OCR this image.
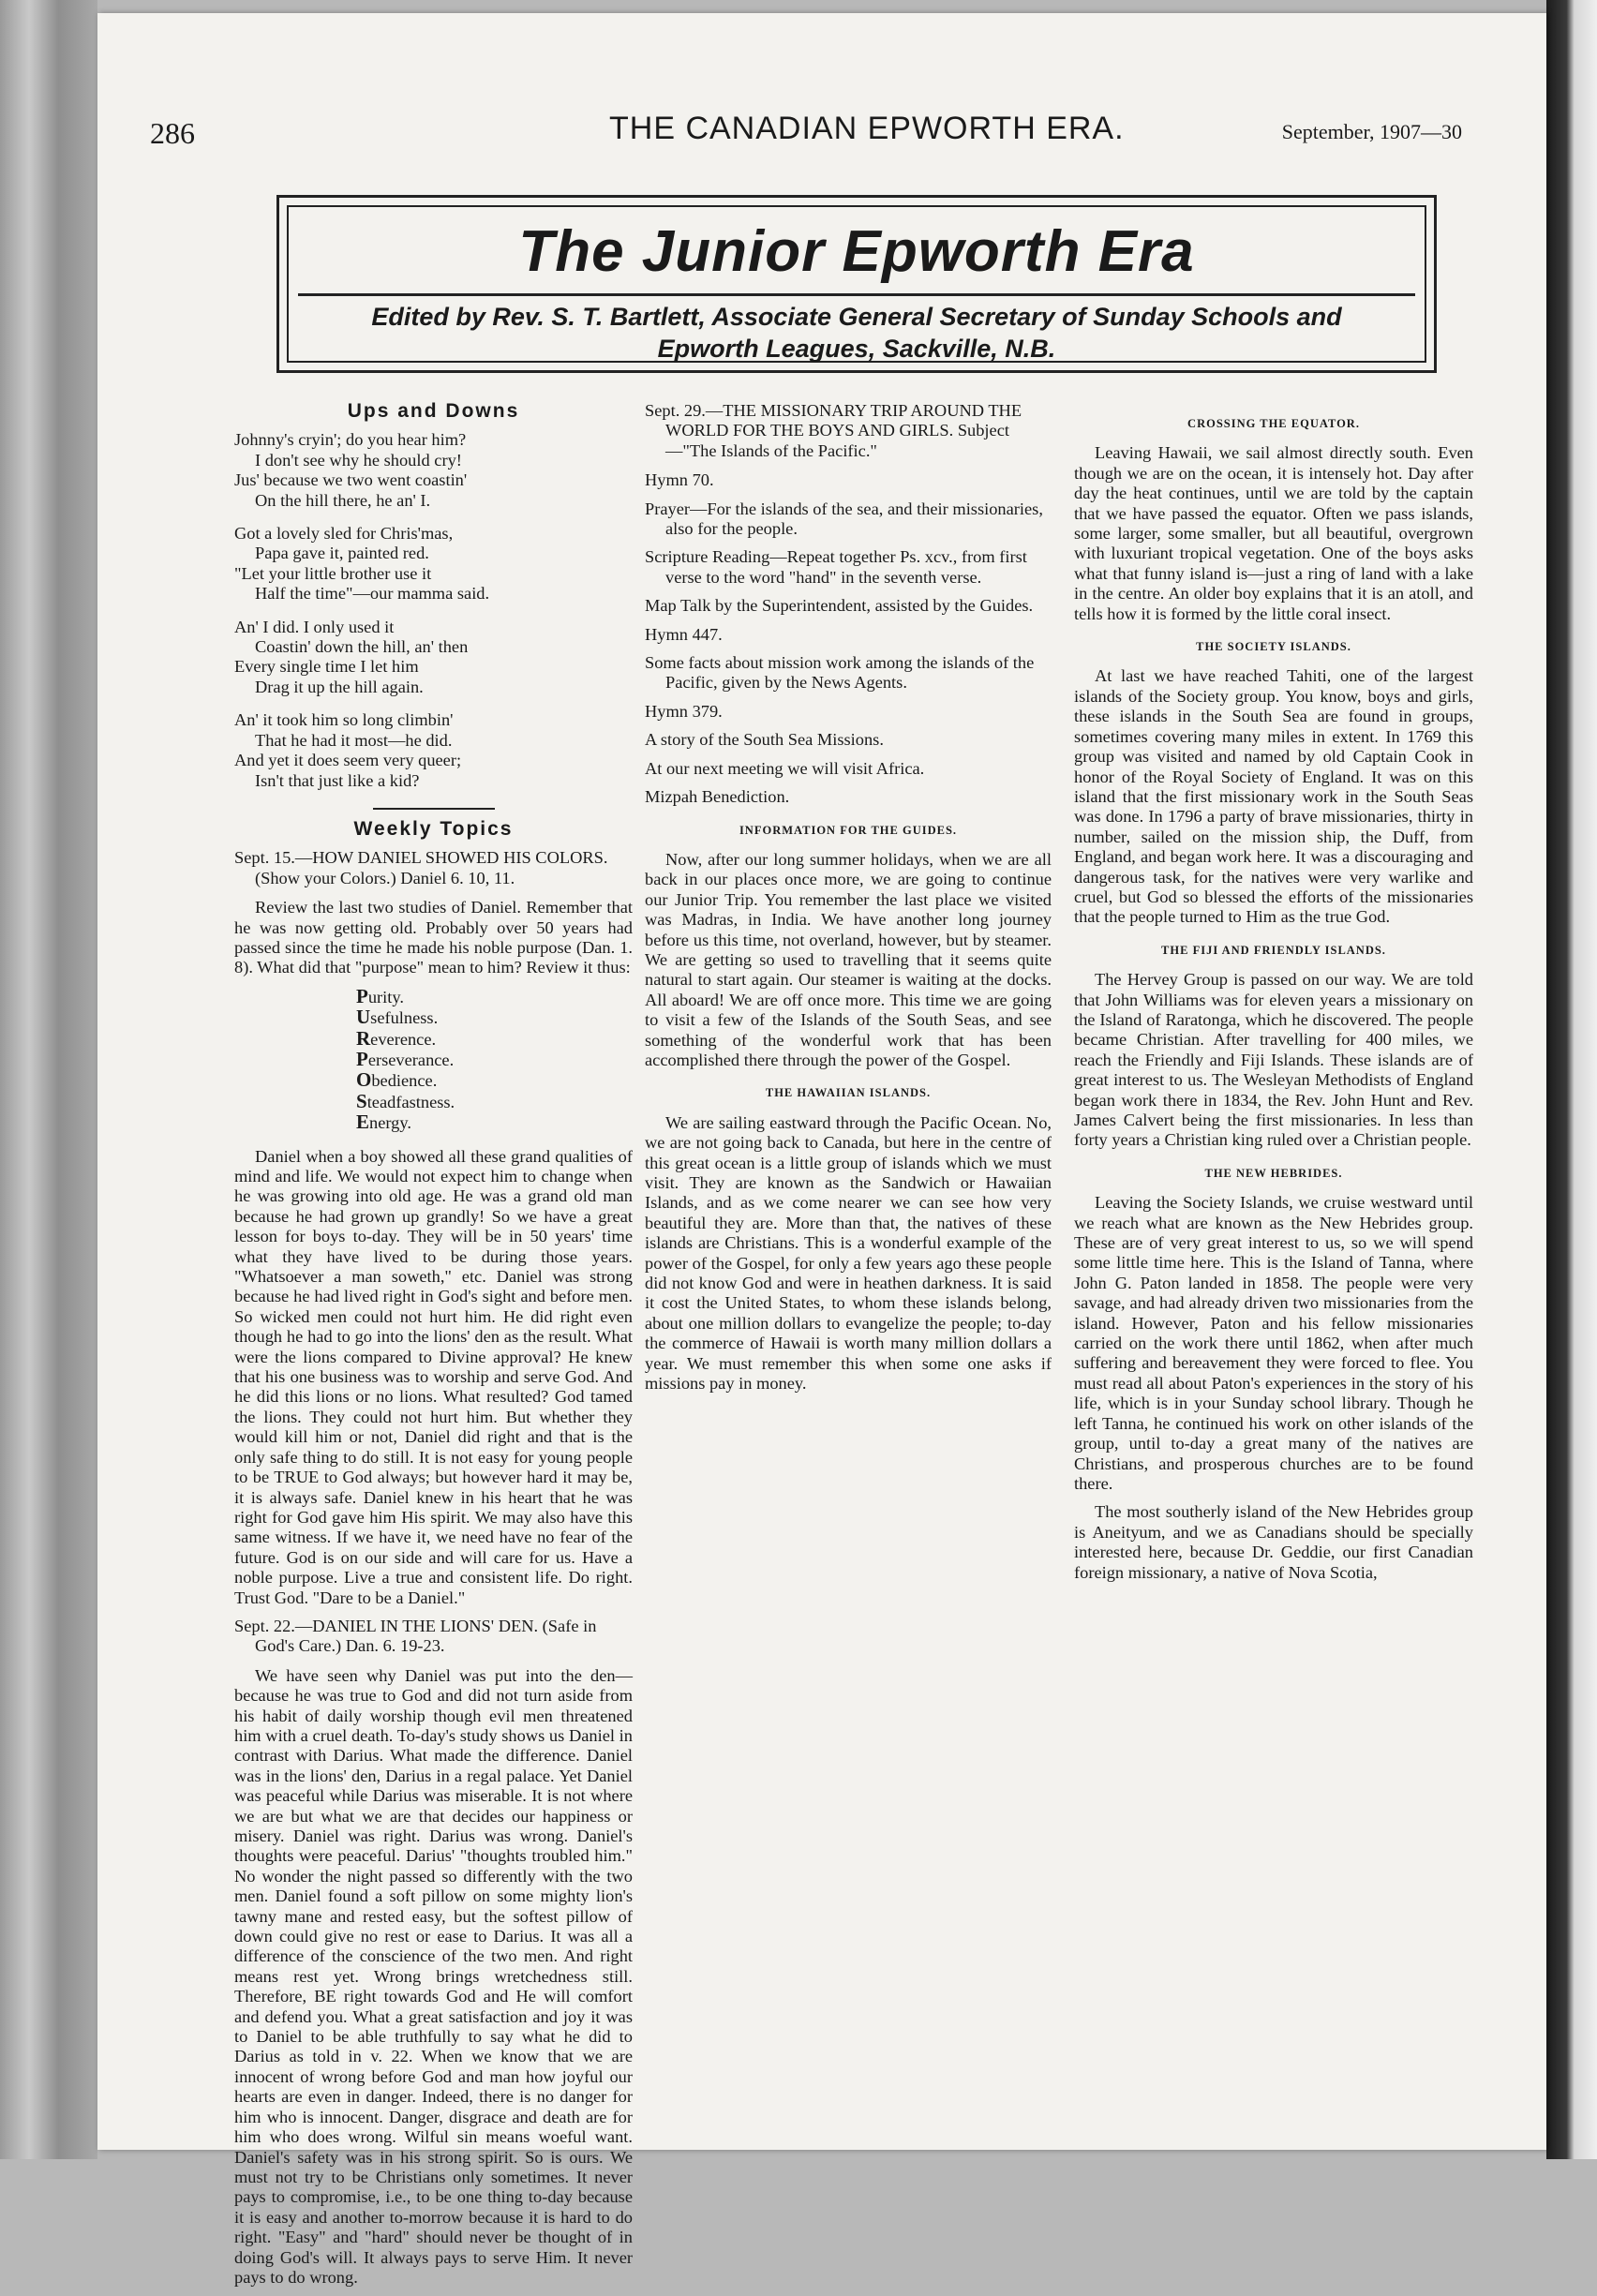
286	THE CANADIAN EPWORTH ERA.	September, 1907—30
The Junior Epworth Era
Edited by Rev. S. T. Bartlett, Associate General Secretary of Sunday Schools and
Epworth Leagues, Sackville, N.B.
Ups and Downs
Johnny's cryin'; do you hear him?
I don't see why he should cry!
Jus' because we two went coastin'
On the hill there, he an' I.
Got a lovely sled for Chris'mas,
Papa gave it, painted red.
"Let your little brother use it
Half the time"—our mamma said.
An' I did. I only used it
Coastin' down the hill, an' then
Every single time I let him
Drag it up the hill again.
An' it took him so long climbin'
That he had it most—he did.
And yet it does seem very queer;
Isn't that just like a kid?
Weekly Topics
Sept. 15.—HOW DANIEL SHOWED HIS COLORS. (Show your Colors.) Daniel 6. 10, 11.

Review the last two studies of Daniel. Remember that he was now getting old. Probably over 50 years had passed since the time he made his noble purpose (Dan. 1. 8). What did that "purpose" mean to him? Review it thus:

Purity.
Usefulness.
Reverence.
Perseverance.
Obedience.
Steadfastness.
Energy.

Daniel when a boy showed all these grand qualities of mind and life. We would not expect him to change when he was growing into old age. He was a grand old man because he had grown up grandly! So we have a great lesson for boys to-day. They will be in 50 years' time what they have lived to be during those years. "Whatsoever a man soweth," etc. Daniel was strong because he had lived right in God's sight and before men. So wicked men could not hurt him. He did right even though he had to go into the lions' den as the result. What were the lions compared to Divine approval? He knew that his one business was to worship and serve God. And he did this lions or no lions. What resulted? God tamed the lions. They could not hurt him. But whether they would kill him or not, Daniel did right and that is the only safe thing to do still. It is not easy for young people to be TRUE to God always; but however hard it may be, it is always safe. Daniel knew in his heart that he was right for God gave him His spirit. We may also have this same witness. If we have it, we need have no fear of the future. God is on our side and will care for us. Have a noble purpose. Live a true and consistent life. Do right. Trust God. "Dare to be a Daniel."

Sept. 22.—DANIEL IN THE LIONS' DEN. (Safe in God's Care.) Dan. 6. 19-23.

We have seen why Daniel was put into the den—because he was true to God and did not turn aside from his habit of daily worship though evil men threatened him with a cruel death. To-day's study shows us Daniel in contrast with Darius. What made the difference. Daniel was in the lions' den, Darius in a regal palace. Yet Daniel was peaceful while Darius was miserable. It is not where we are but what we are that decides our happiness or misery. Daniel was right. Darius was wrong. Daniel's thoughts were peaceful. Darius' "thoughts troubled him." No wonder the night passed so differently with the two men. Daniel found a soft pillow on some mighty lion's tawny mane and rested easy, but the softest pillow of down could give no rest or ease to Darius. It was all a difference of the conscience of the two men. And right means rest yet. Wrong brings wretchedness still. Therefore, BE right towards God and He will comfort and defend you. What a great satisfaction and joy it was to Daniel to be able truthfully to say what he did to Darius as told in v. 22. When we know that we are innocent of wrong before God and man how joyful our hearts are even in danger. Indeed, there is no danger for him who is innocent. Danger, disgrace and death are for him who does wrong. Wilful sin means woeful want. Daniel's safety was in his strong spirit. So is ours. We must not try to be Christians only sometimes. It never pays to compromise, i.e., to be one thing to-day because it is easy and another to-morrow because it is hard to do right. "Easy" and "hard" should never be thought of in doing God's will. It always pays to serve Him. It never pays to do wrong.

Sept. 29.—THE MISSIONARY TRIP AROUND THE WORLD FOR THE BOYS AND GIRLS. Subject—"The Islands of the Pacific."
Hymn 70.
Prayer—For the islands of the sea, and their missionaries, also for the people.
Scripture Reading—Repeat together Ps. xcv., from first verse to the word "hand" in the seventh verse.
Map Talk by the Superintendent, assisted by the Guides.
Hymn 447.
Some facts about mission work among the islands of the Pacific, given by the News Agents.
Hymn 379.
A story of the South Sea Missions.
At our next meeting we will visit Africa.
Mizpah Benediction.
INFORMATION FOR THE GUIDES.

Now, after our long summer holidays, when we are all back in our places once more, we are going to continue our Junior Trip. You remember the last place we visited was Madras, in India. We have another long journey before us this time, not overland, however, but by steamer. We are getting so used to travelling that it seems quite natural to start again. Our steamer is waiting at the docks. All aboard! We are off once more. This time we are going to visit a few of the Islands of the South Seas, and see something of the wonderful work that has been accomplished there through the power of the Gospel.

THE HAWAIIAN ISLANDS.

We are sailing eastward through the Pacific Ocean. No, we are not going back to Canada, but here in the centre of this great ocean is a little group of islands which we must visit. They are known as the Sandwich or Hawaiian Islands, and as we come nearer we can see how very beautiful they are. More than that, the natives of these islands are Christians. This is a wonderful example of the power of the Gospel, for only a few years ago these people did not know God and were in heathen darkness. It is said it cost the United States, to whom these islands belong, about one million dollars to evangelize the people; to-day the commerce of Hawaii is worth many million dollars a year. We must remember this when some one asks if missions pay in money.

CROSSING THE EQUATOR.

Leaving Hawaii, we sail almost directly south. Even though we are on the ocean, it is intensely hot. Day after day the heat continues, until we are told by the captain that we have passed the equator. Often we pass islands, some larger, some smaller, but all beautiful, overgrown with luxuriant tropical vegetation. One of the boys asks what that funny island is—just a ring of land with a lake in the centre. An older boy explains that it is an atoll, and tells how it is formed by the little coral insect.

THE SOCIETY ISLANDS.

At last we have reached Tahiti, one of the largest islands of the Society group. You know, boys and girls, these islands in the South Sea are found in groups, sometimes covering many miles in extent. In 1769 this group was visited and named by old Captain Cook in honor of the Royal Society of England. It was on this island that the first missionary work in the South Seas was done. In 1796 a party of brave missionaries, thirty in number, sailed on the mission ship, the Duff, from England, and began work here. It was a discouraging and dangerous task, for the natives were very warlike and cruel, but God so blessed the efforts of the missionaries that the people turned to Him as the true God.

THE FIJI AND FRIENDLY ISLANDS.

The Hervey Group is passed on our way. We are told that John Williams was for eleven years a missionary on the Island of Raratonga, which he discovered. The people became Christian. After travelling for 400 miles, we reach the Friendly and Fiji Islands. These islands are of great interest to us. The Wesleyan Methodists of England began work there in 1834, the Rev. John Hunt and Rev. James Calvert being the first missionaries. In less than forty years a Christian king ruled over a Christian people.

THE NEW HEBRIDES.

Leaving the Society Islands, we cruise westward until we reach what are known as the New Hebrides group. These are of very great interest to us, so we will spend some little time here. This is the Island of Tanna, where John G. Paton landed in 1858. The people were very savage, and had already driven two missionaries from the island. However, Paton and his fellow missionaries carried on the work there until 1862, when after much suffering and bereavement they were forced to flee. You must read all about Paton's experiences in the story of his life, which is in your Sunday school library. Though he left Tanna, he continued his work on other islands of the group, until to-day a great many of the natives are Christians, and prosperous churches are to be found there.

The most southerly island of the New Hebrides group is Aneityum, and we as Canadians should be specially interested here, because Dr. Geddie, our first Canadian foreign missionary, a native of Nova Scotia,
